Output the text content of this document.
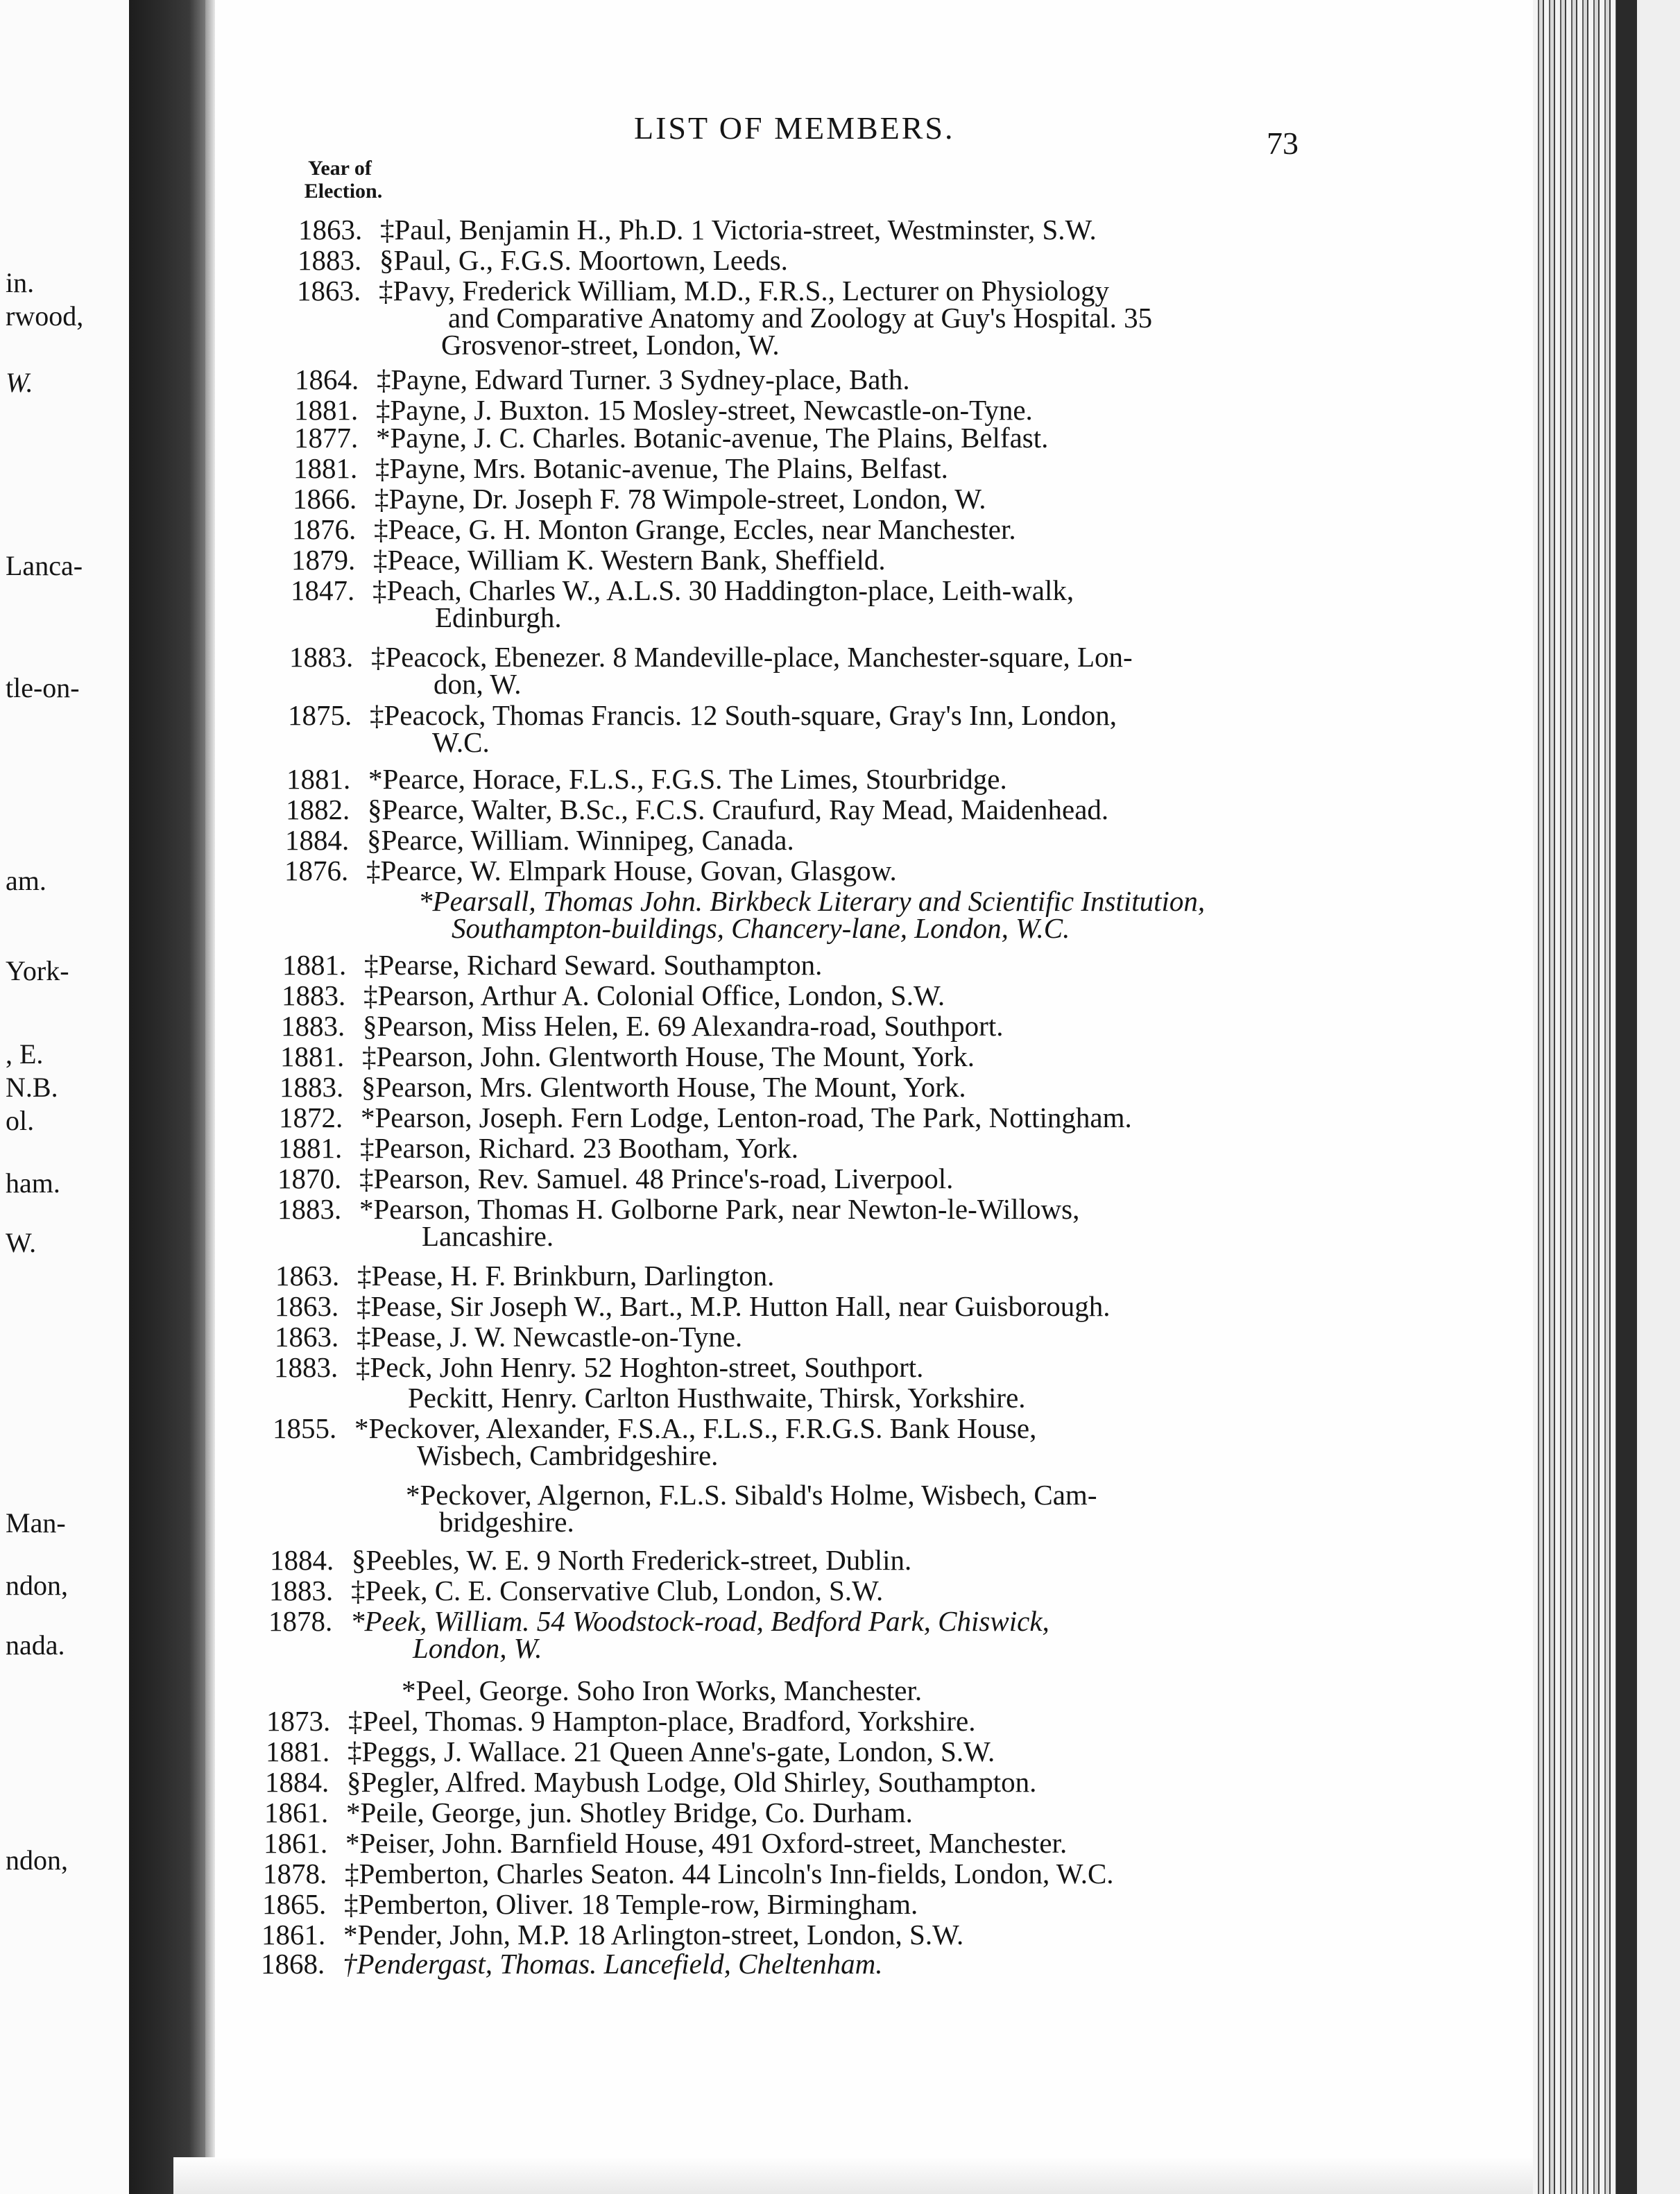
in.
rwood,
W.
Lanca-
tle-on-
am.
York-
, E.
N.B.
ol.
ham.
W.
Man-
ndon,
nada.
ndon,
LIST OF MEMBERS.	73
Year of
Election.
1863. ‡Paul, Benjamin H., Ph.D. 1 Victoria-street, Westminster, S.W.
1883. §Paul, G., F.G.S. Moortown, Leeds.
1863. ‡Pavy, Frederick William, M.D., F.R.S., Lecturer on Physiology
and Comparative Anatomy and Zoology at Guy's Hospital. 35
Grosvenor-street, London, W.
1864. ‡Payne, Edward Turner. 3 Sydney-place, Bath.
1881. ‡Payne, J. Buxton. 15 Mosley-street, Newcastle-on-Tyne.
1877. *Payne, J. C. Charles. Botanic-avenue, The Plains, Belfast.
1881. ‡Payne, Mrs. Botanic-avenue, The Plains, Belfast.
1866. ‡Payne, Dr. Joseph F. 78 Wimpole-street, London, W.
1876. ‡Peace, G. H. Monton Grange, Eccles, near Manchester.
1879. ‡Peace, William K. Western Bank, Sheffield.
1847. ‡Peach, Charles W., A.L.S. 30 Haddington-place, Leith-walk,
Edinburgh.
1883. ‡Peacock, Ebenezer. 8 Mandeville-place, Manchester-square, Lon-
don, W.
1875. ‡Peacock, Thomas Francis. 12 South-square, Gray's Inn, London,
W.C.
1881. *Pearce, Horace, F.L.S., F.G.S. The Limes, Stourbridge.
1882. §Pearce, Walter, B.Sc., F.C.S. Craufurd, Ray Mead, Maidenhead.
1884. §Pearce, William. Winnipeg, Canada.
1876. ‡Pearce, W. Elmpark House, Govan, Glasgow.
*Pearsall, Thomas John. Birkbeck Literary and Scientific Institution,
Southampton-buildings, Chancery-lane, London, W.C.
1881. ‡Pearse, Richard Seward. Southampton.
1883. ‡Pearson, Arthur A. Colonial Office, London, S.W.
1883. §Pearson, Miss Helen, E. 69 Alexandra-road, Southport.
1881. ‡Pearson, John. Glentworth House, The Mount, York.
1883. §Pearson, Mrs. Glentworth House, The Mount, York.
1872. *Pearson, Joseph. Fern Lodge, Lenton-road, The Park, Nottingham.
1881. ‡Pearson, Richard. 23 Bootham, York.
1870. ‡Pearson, Rev. Samuel. 48 Prince's-road, Liverpool.
1883. *Pearson, Thomas H. Golborne Park, near Newton-le-Willows,
Lancashire.
1863. ‡Pease, H. F. Brinkburn, Darlington.
1863. ‡Pease, Sir Joseph W., Bart., M.P. Hutton Hall, near Guisborough.
1863. ‡Pease, J. W. Newcastle-on-Tyne.
1883. ‡Peck, John Henry. 52 Hoghton-street, Southport.
Peckitt, Henry. Carlton Husthwaite, Thirsk, Yorkshire.
1855. *Peckover, Alexander, F.S.A., F.L.S., F.R.G.S. Bank House,
Wisbech, Cambridgeshire.
*Peckover, Algernon, F.L.S. Sibald's Holme, Wisbech, Cam-
bridgeshire.
1884. §Peebles, W. E. 9 North Frederick-street, Dublin.
1883. ‡Peek, C. E. Conservative Club, London, S.W.
1878. *Peek, William. 54 Woodstock-road, Bedford Park, Chiswick,
London, W.
*Peel, George. Soho Iron Works, Manchester.
1873. ‡Peel, Thomas. 9 Hampton-place, Bradford, Yorkshire.
1881. ‡Peggs, J. Wallace. 21 Queen Anne's-gate, London, S.W.
1884. §Pegler, Alfred. Maybush Lodge, Old Shirley, Southampton.
1861. *Peile, George, jun. Shotley Bridge, Co. Durham.
1861. *Peiser, John. Barnfield House, 491 Oxford-street, Manchester.
1878. ‡Pemberton, Charles Seaton. 44 Lincoln's Inn-fields, London, W.C.
1865. ‡Pemberton, Oliver. 18 Temple-row, Birmingham.
1861. *Pender, John, M.P. 18 Arlington-street, London, S.W.
1868. †Pendergast, Thomas. Lancefield, Cheltenham.
